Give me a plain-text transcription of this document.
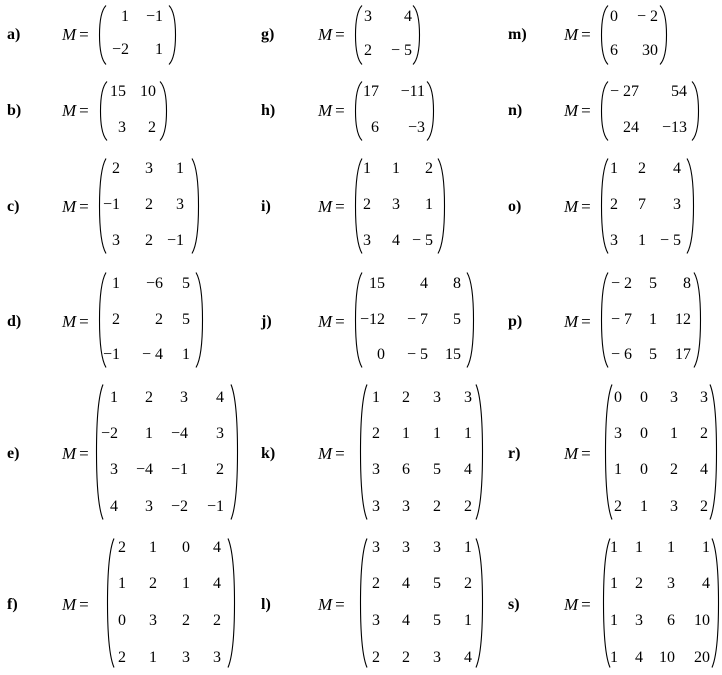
a) M =
1 −1
−2 1
b) M =
15 10
3 2
c)	M =
2 3 1
−1 2 3
3 2 −1
d) M =
1 −6 5
2 2 5
−1 − 4 1
e)	M =
1 2 3 4
−2 1 −4 3
3 −4 −1 2
4 3 −2 −1
f)	M =
2 1 0 4
1 2 1 4
0 3 2 2
2 1 3 3
g)	M =
3 4
2 − 5
h)	M =
17 −11
6 −3
i)	M =
1 1 2
2 3 1
3 4 − 5
j)	M =
15 4 8
−12 − 7 5
0 − 5 15
k)	M =
1 2 3 3
2 1 1 1
3 6 5 4
3 3 2 2
l)	M =
3 3 3 1
2 4 5 2
3 4 5 1
2 2 3 4
m) M =
0 − 2
6 30
n) M =
− 27 54
24 −13
o)	M =
1 2 4
2 7 3
3 1 − 5
p) M =
− 2 5 8
− 7 1 12
− 6 5 17
r)	M =
0 0 3 3
3 0 1 2
1 0 2 4
2 1 3 2
s)	M =
1 1 1 1
1 2 3 4
1 3 6 10
1 4 10 20
